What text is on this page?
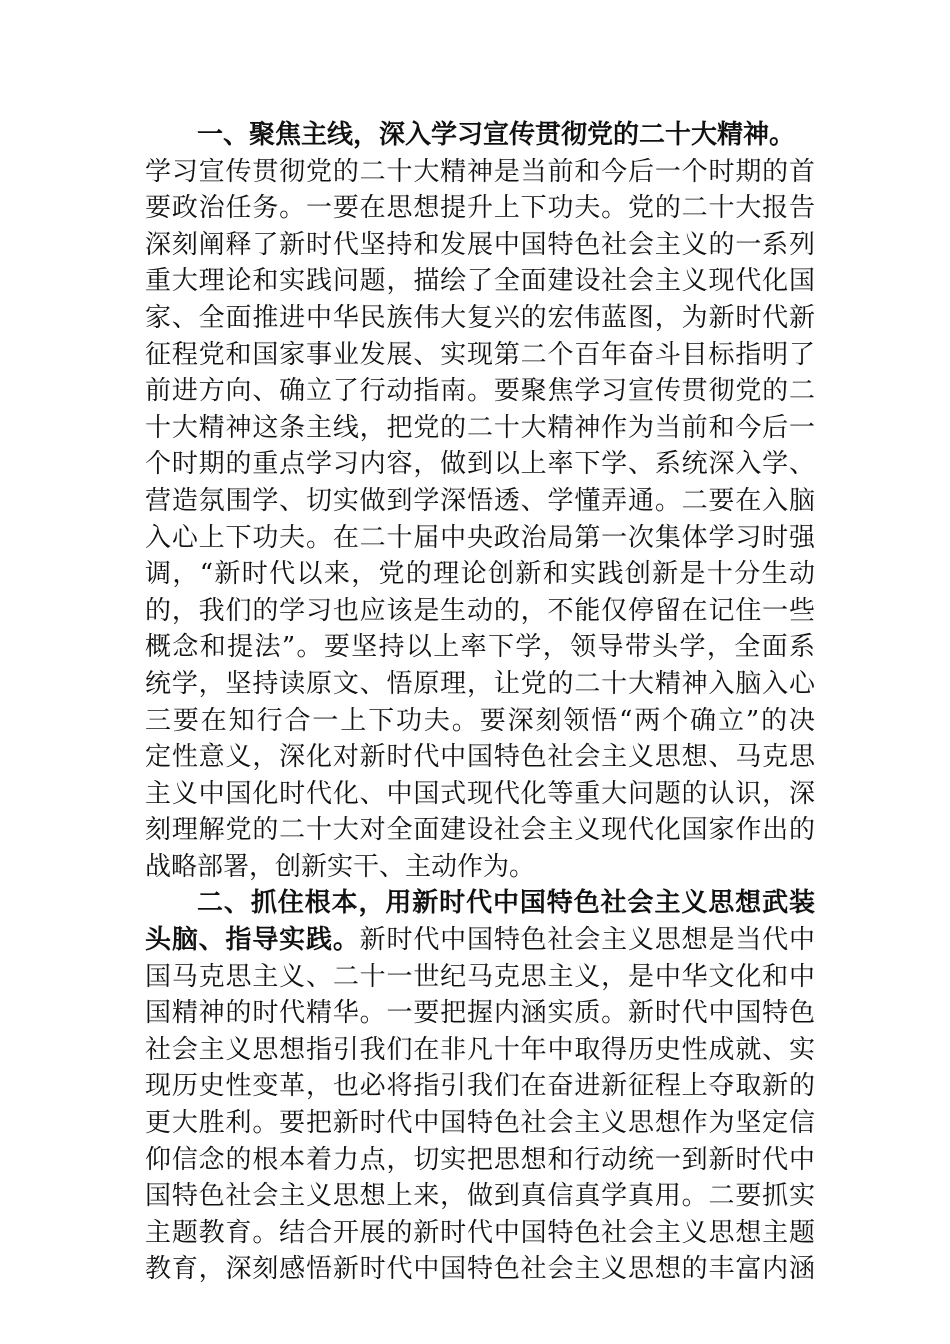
一、聚焦主线，深入学习宣传贯彻党的二十大精神。
学习宣传贯彻党的二十大精神是当前和今后一个时期的首
要政治任务。一要在思想提升上下功夫。党的二十大报告
深刻阐释了新时代坚持和发展中国特色社会主义的一系列
重大理论和实践问题，描绘了全面建设社会主义现代化国
家、全面推进中华民族伟大复兴的宏伟蓝图，为新时代新
征程党和国家事业发展、实现第二个百年奋斗目标指明了
前进方向、确立了行动指南。要聚焦学习宣传贯彻党的二
十大精神这条主线，把党的二十大精神作为当前和今后一
个时期的重点学习内容，做到以上率下学、系统深入学、
营造氛围学、切实做到学深悟透、学懂弄通。二要在入脑
入心上下功夫。在二十届中央政治局第一次集体学习时强
调，“新时代以来，党的理论创新和实践创新是十分生动
的，我们的学习也应该是生动的，不能仅停留在记住一些
概念和提法”。要坚持以上率下学，领导带头学，全面系
统学，坚持读原文、悟原理，让党的二十大精神入脑入心
三要在知行合一上下功夫。要深刻领悟“两个确立”的决
定性意义，深化对新时代中国特色社会主义思想、马克思
主义中国化时代化、中国式现代化等重大问题的认识，深
刻理解党的二十大对全面建设社会主义现代化国家作出的
战略部署，创新实干、主动作为。
二、抓住根本，用新时代中国特色社会主义思想武装
头脑、指导实践。新时代中国特色社会主义思想是当代中
国马克思主义、二十一世纪马克思主义，是中华文化和中
国精神的时代精华。一要把握内涵实质。新时代中国特色
社会主义思想指引我们在非凡十年中取得历史性成就、实
现历史性变革，也必将指引我们在奋进新征程上夺取新的
更大胜利。要把新时代中国特色社会主义思想作为坚定信
仰信念的根本着力点，切实把思想和行动统一到新时代中
国特色社会主义思想上来，做到真信真学真用。二要抓实
主题教育。结合开展的新时代中国特色社会主义思想主题
教育，深刻感悟新时代中国特色社会主义思想的丰富内涵
